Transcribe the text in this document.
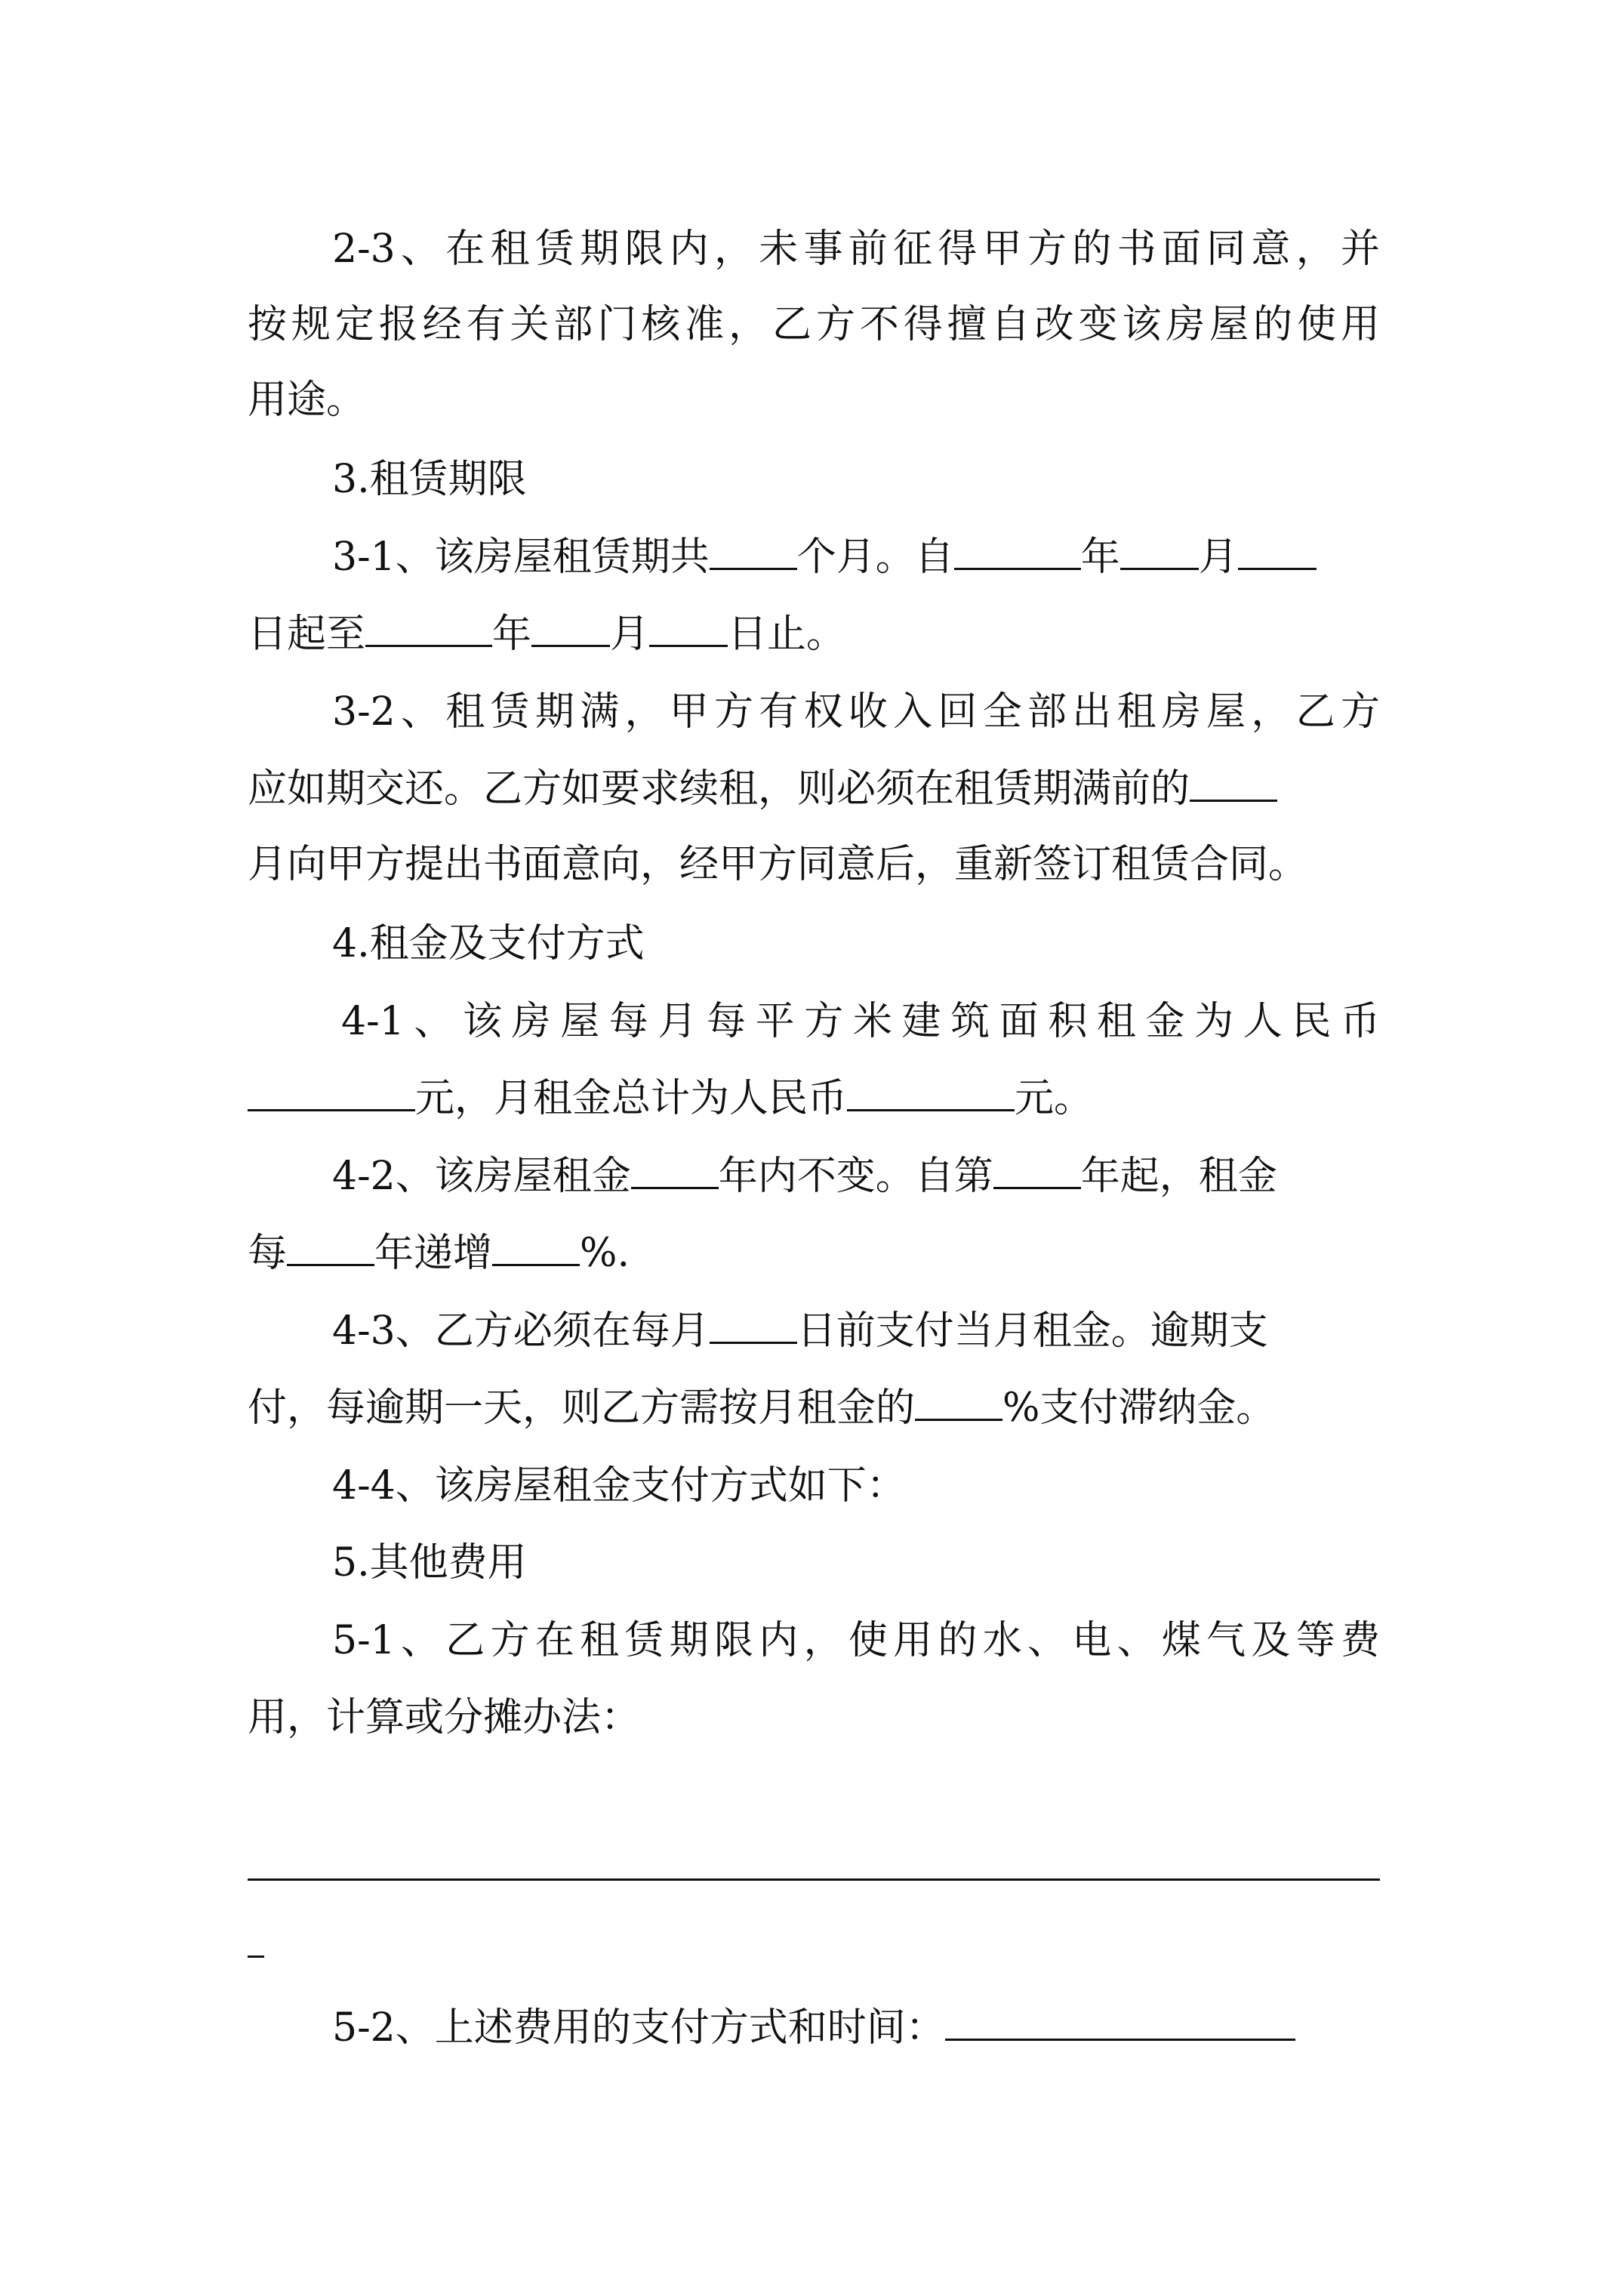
2-3、在租赁期限内，未事前征得甲方的书面同意，并
按规定报经有关部门核准，乙方不得擅自改变该房屋的使用
用途。
3.租赁期限
3-1、该房屋租赁期共 个月。自	年 月
日起至	年 月 日止。
3-2、租赁期满，甲方有权收入回全部出租房屋，乙方
应如期交还。乙方如要求续租，则必须在租赁期满前的
月向甲方提出书面意向，经甲方同意后，重新签订租赁合同。
4.租金及支付方式
4-1、该房屋每月每平方米建筑面积租金为人民币
元，月租金总计为人民币	元。
4-2、该房屋租金 年内不变。自第 年起，租金
每 年递增 %.
4-3、乙方必须在每月 日前支付当月租金。逾期支
付，每逾期一天，则乙方需按月租金的 %支付滞纳金。
4-4、该房屋租金支付方式如下：
5.其他费用
5-1、乙方在租赁期限内，使用的水、电、煤气及等费
用，计算或分摊办法：
5-2、上述费用的支付方式和时间：
